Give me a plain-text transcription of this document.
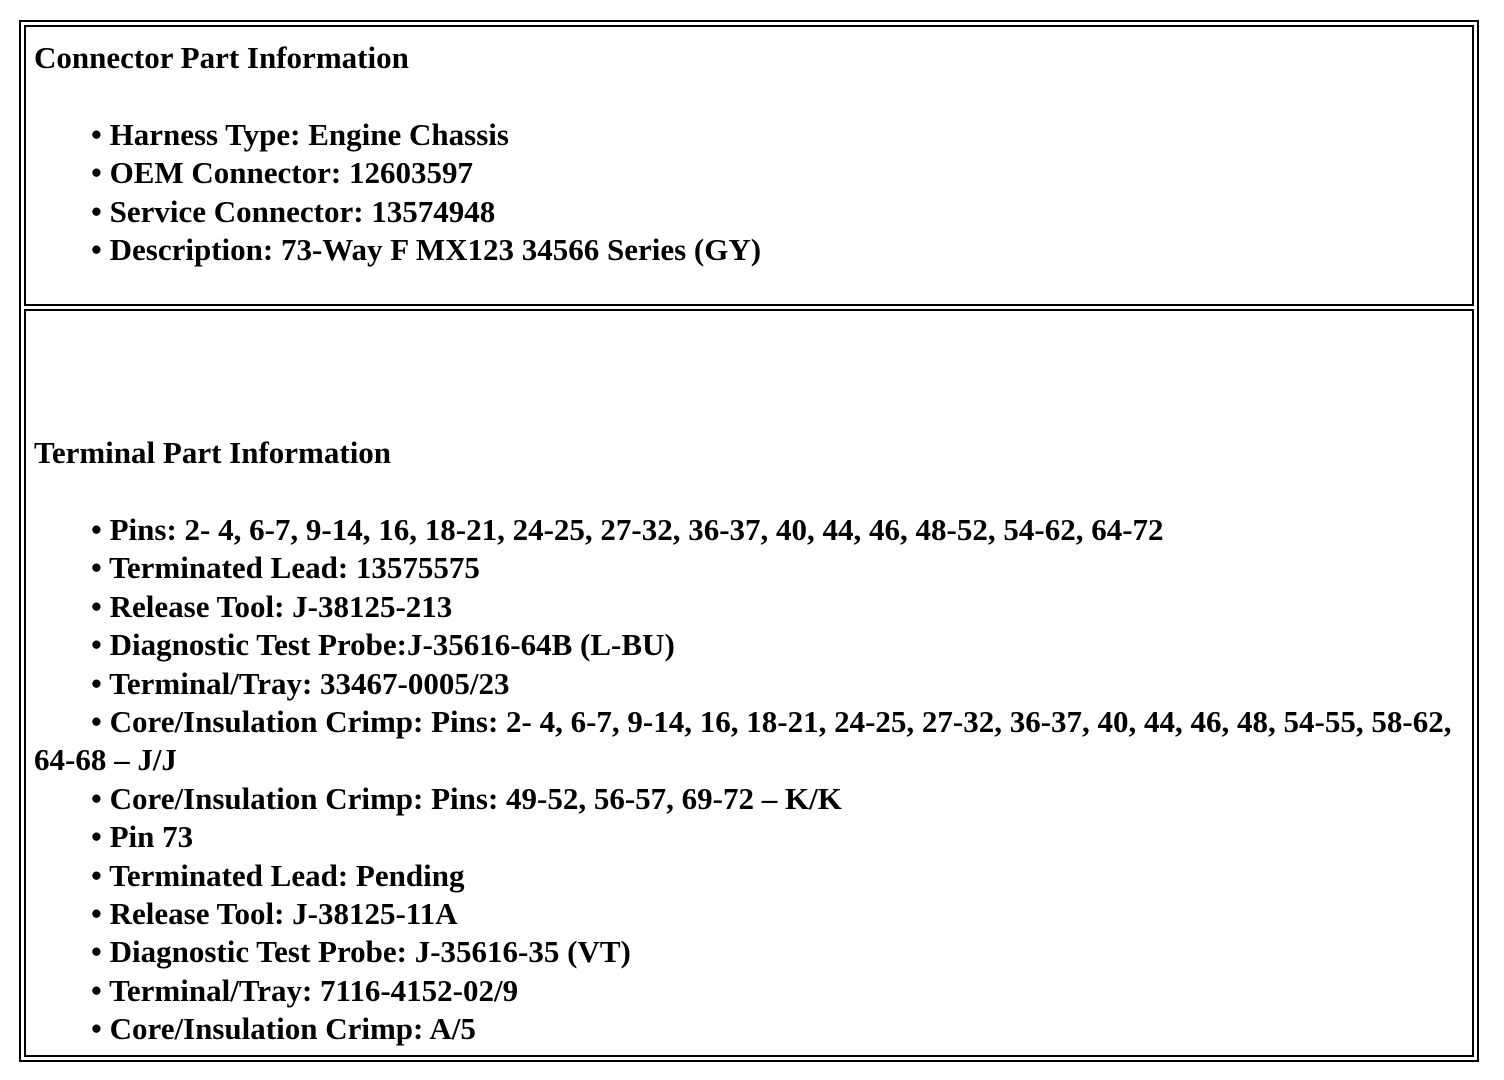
Connector Part Information
• Harness Type: Engine Chassis
• OEM Connector: 12603597
• Service Connector: 13574948
• Description: 73-Way F MX123 34566 Series (GY)
Terminal Part Information
• Pins: 2- 4, 6-7, 9-14, 16, 18-21, 24-25, 27-32, 36-37, 40, 44, 46, 48-52, 54-62, 64-72
• Terminated Lead: 13575575
• Release Tool: J-38125-213
• Diagnostic Test Probe:J-35616-64B (L-BU)
• Terminal/Tray: 33467-0005/23
• Core/Insulation Crimp: Pins: 2- 4, 6-7, 9-14, 16, 18-21, 24-25, 27-32, 36-37, 40, 44, 46, 48, 54-55, 58-62, 64-68 – J/J
• Core/Insulation Crimp: Pins: 49-52, 56-57, 69-72 – K/K
• Pin 73
• Terminated Lead: Pending
• Release Tool: J-38125-11A
• Diagnostic Test Probe: J-35616-35 (VT)
• Terminal/Tray: 7116-4152-02/9
• Core/Insulation Crimp: A/5
